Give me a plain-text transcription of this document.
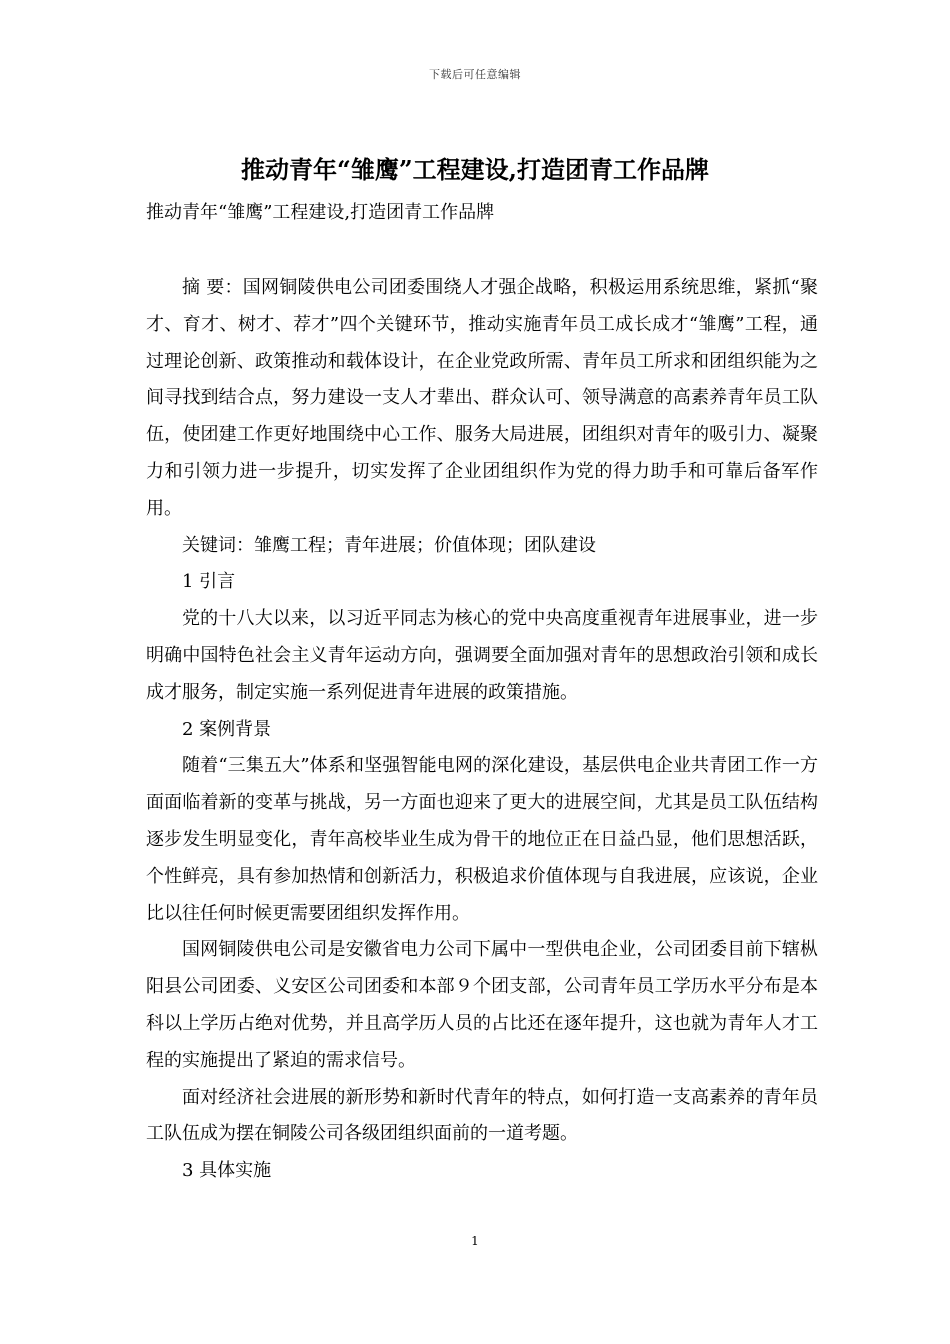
下载后可任意编辑
推动青年“雏鹰”工程建设,打造团青工作品牌

推动青年“雏鹰”工程建设,打造团青工作品牌

摘 要：国网铜陵供电公司团委围绕人才强企战略，积极运用系统思维，紧抓“聚才、育才、树才、荐才”四个关键环节，推动实施青年员工成长成才“雏鹰”工程，通过理论创新、政策推动和载体设计，在企业党政所需、青年员工所求和团组织能为之间寻找到结合点，努力建设一支人才辈出、群众认可、领导满意的高素养青年员工队伍，使团建工作更好地围绕中心工作、服务大局进展，团组织对青年的吸引力、凝聚力和引领力进一步提升，切实发挥了企业团组织作为党的得力助手和可靠后备军作用。

关键词：雏鹰工程；青年进展；价值体现；团队建设

1 引言

党的十八大以来，以习近平同志为核心的党中央高度重视青年进展事业，进一步明确中国特色社会主义青年运动方向，强调要全面加强对青年的思想政治引领和成长成才服务，制定实施一系列促进青年进展的政策措施。

2 案例背景

随着“三集五大”体系和坚强智能电网的深化建设，基层供电企业共青团工作一方面面临着新的变革与挑战，另一方面也迎来了更大的进展空间，尤其是员工队伍结构逐步发生明显变化，青年高校毕业生成为骨干的地位正在日益凸显，他们思想活跃，个性鲜亮，具有参加热情和创新活力，积极追求价值体现与自我进展，应该说，企业比以往任何时候更需要团组织发挥作用。

国网铜陵供电公司是安徽省电力公司下属中一型供电企业，公司团委目前下辖枞阳县公司团委、义安区公司团委和本部９个团支部，公司青年员工学历水平分布是本科以上学历占绝对优势，并且高学历人员的占比还在逐年提升，这也就为青年人才工程的实施提出了紧迫的需求信号。

面对经济社会进展的新形势和新时代青年的特点，如何打造一支高素养的青年员工队伍成为摆在铜陵公司各级团组织面前的一道考题。

3 具体实施

1
